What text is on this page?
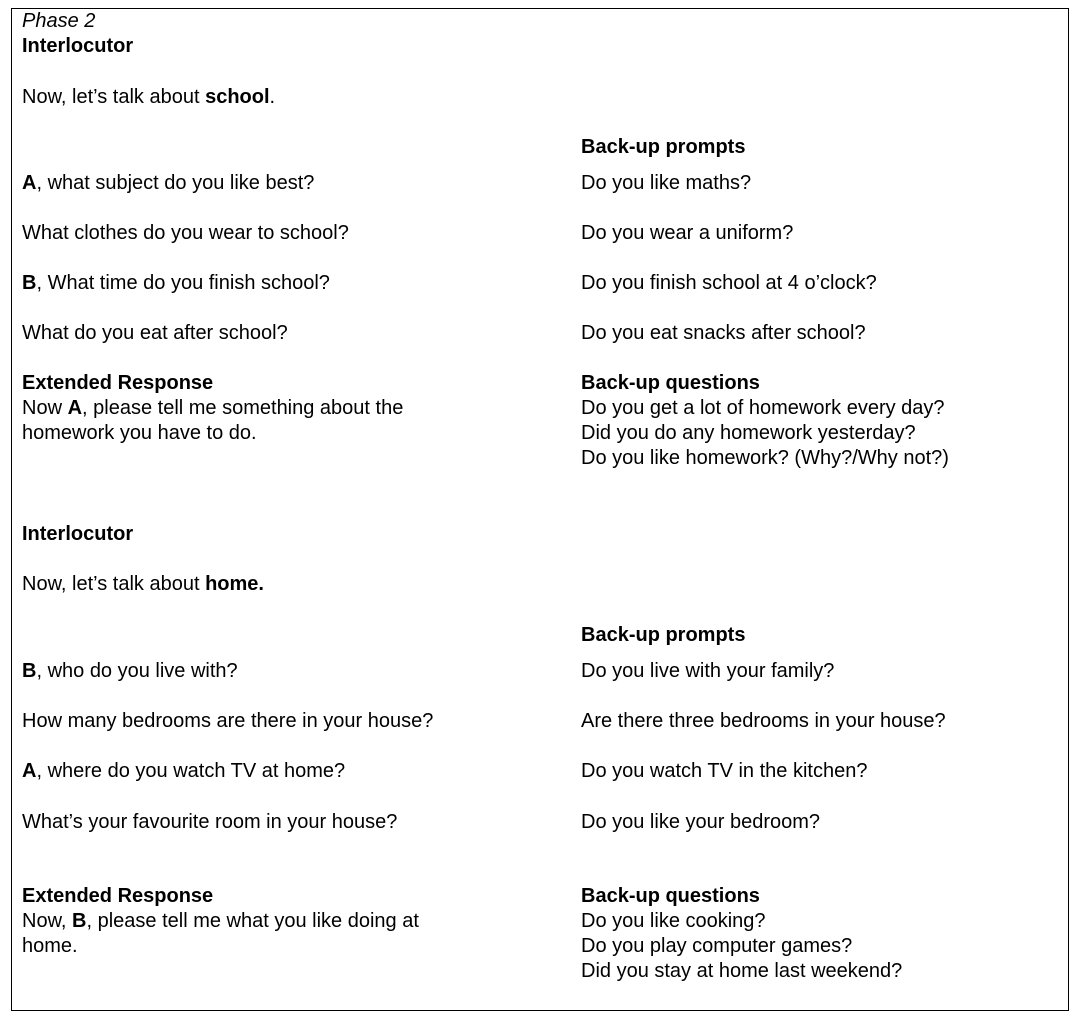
Phase 2
Interlocutor
Now, let’s talk about school.
Back-up prompts
A, what subject do you like best?	Do you like maths?
What clothes do you wear to school?	Do you wear a uniform?
B, What time do you finish school?	Do you finish school at 4 o’clock?
What do you eat after school?	Do you eat snacks after school?
Extended Response
Now A, please tell me something about the
homework you have to do.
Back-up questions
Do you get a lot of homework every day?
Did you do any homework yesterday?
Do you like homework? (Why?/Why not?)
Interlocutor
Now, let’s talk about home.
Back-up prompts
B, who do you live with?	Do you live with your family?
How many bedrooms are there in your house?	Are there three bedrooms in your house?
A, where do you watch TV at home?	Do you watch TV in the kitchen?
What’s your favourite room in your house?	Do you like your bedroom?
Extended Response
Now, B, please tell me what you like doing at
home.
Back-up questions
Do you like cooking?
Do you play computer games?
Did you stay at home last weekend?
